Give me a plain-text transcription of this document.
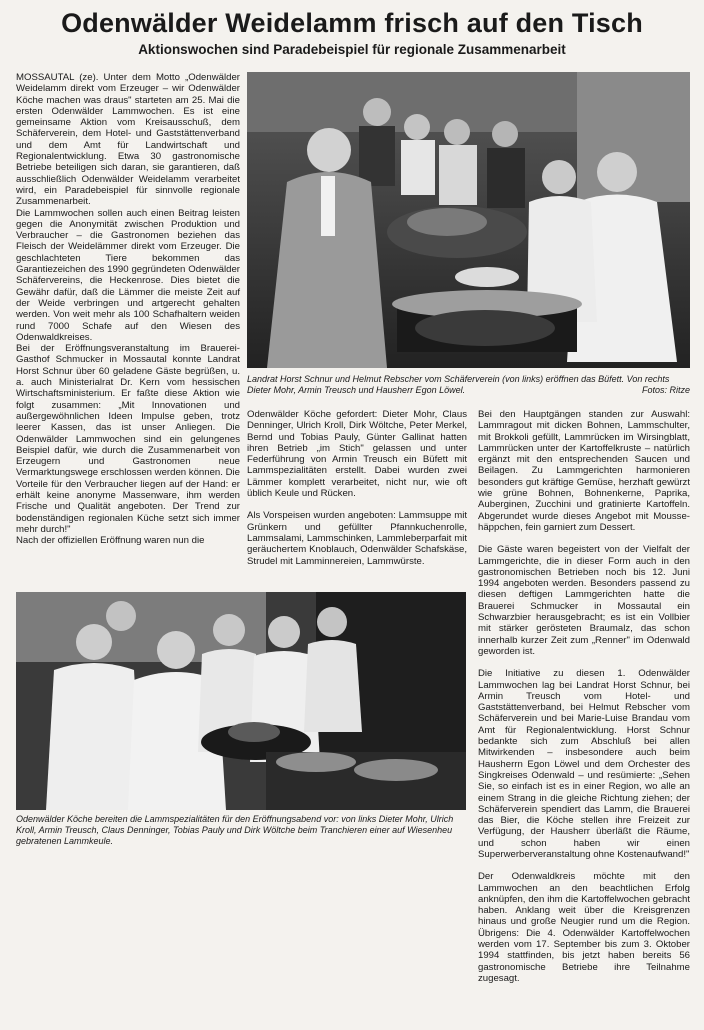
Odenwälder Weidelamm frisch auf den Tisch
Aktionswochen sind Paradebeispiel für regionale Zusammenarbeit

MOSSAUTAL (ze). Unter dem Motto „Odenwälder Weidelamm direkt vom Erzeuger – wir Odenwälder Köche machen was draus" starteten am 25. Mai die ersten Odenwälder Lammwochen. Es ist eine gemeinsame Aktion vom Kreisausschuß, dem Schäferverein, dem Hotel- und Gaststättenverband und dem Amt für Landwirtschaft und Regionalentwicklung. Etwa 30 gastronomische Betriebe beteiligen sich daran, sie garantieren, daß ausschließlich Odenwälder Weidelamm verarbeitet wird, ein Paradebeispiel für sinnvolle regionale Zusammenarbeit.

Die Lammwochen sollen auch einen Beitrag leisten gegen die Anonymität zwischen Produktion und Verbraucher – die Gastronomen beziehen das Fleisch der Weidelämmer direkt vom Erzeuger. Die geschlachteten Tiere bekommen das Garantiezeichen des 1990 gegründeten Odenwälder Schäfervereins, die Heckenrose. Dies bietet die Gewähr dafür, daß die Lämmer die meiste Zeit auf der Weide verbringen und artgerecht gehalten werden. Von weit mehr als 100 Schafhaltern weiden rund 7000 Schafe auf den Wiesen des Odenwaldkreises.

Bei der Eröffnungsveranstaltung im Brauerei-Gasthof Schmucker in Mossautal konnte Landrat Horst Schnur über 60 geladene Gäste begrüßen, u. a. auch Ministerialrat Dr. Kern vom hessischen Wirtschaftsministerium. Er faßte diese Aktion wie folgt zusammen: „Mit Innovationen und außergewöhnlichen Ideen Impulse geben, trotz leerer Kassen, das ist unser Anliegen. Die Odenwälder Lammwochen sind ein gelungenes Beispiel dafür, wie durch die Zusammenarbeit von Erzeugern und Gastronomen neue Vermarktungswege erschlossen werden können. Die Vorteile für den Verbraucher liegen auf der Hand: er erhält keine anonyme Massenware, ihm werden Frische und Qualität angeboten. Der Trend zur bodenständigen regionalen Küche setzt sich immer mehr durch!"

Nach der offiziellen Eröffnung waren nun die

Landrat Horst Schnur und Helmut Rebscher vom Schäferverein (von links) eröffnen das Büfett. Von rechts Dieter Mohr, Armin Treusch und Hausherr Egon Löwel.	Fotos: Ritze

Odenwälder Köche gefordert: Dieter Mohr, Claus Denninger, Ulrich Kroll, Dirk Wöltche, Peter Merkel, Bernd und Tobias Pauly, Günter Gallinat hatten ihren Betrieb „im Stich" gelassen und unter Federführung von Armin Treusch ein Büfett mit Lammspezialitäten erstellt. Dabei wurden zwei Lämmer komplett verarbeitet, nicht nur, wie oft üblich Keule und Rücken.

Als Vorspeisen wurden angeboten: Lammsuppe mit Grünkern und gefüllter Pfannkuchenrolle, Lammsalami, Lammschinken, Lammleberparfait mit geräuchertem Knoblauch, Odenwälder Schafskäse, Strudel mit Lamminnereien, Lammwürste.

Bei den Hauptgängen standen zur Auswahl: Lammragout mit dicken Bohnen, Lammschulter, mit Brokkoli gefüllt, Lammrücken im Wirsingblatt, Lammrücken unter der Kartoffelkruste – natürlich ergänzt mit den entsprechenden Saucen und Beilagen. Zu Lammgerichten harmonieren besonders gut kräftige Gemüse, herzhaft gewürzt wie grüne Bohnen, Bohnenkerne, Paprika, Auberginen, Zucchini und gratinierte Kartoffeln. Abgerundet wurde dieses Angebot mit Moussehäppchen, fein garniert zum Dessert.

Die Gäste waren begeistert von der Vielfalt der Lammgerichte, die in dieser Form auch in den gastronomischen Betrieben noch bis 12. Juni 1994 angeboten werden. Besonders passend zu diesen deftigen Lammgerichten hatte die Brauerei Schmucker in Mossautal ein Schwarzbier herausgebracht; es ist ein Vollbier mit stärker gerösteten Braumalz, das schon innerhalb kurzer Zeit zum „Renner" im Odenwald geworden ist.

Die Initiative zu diesen 1. Odenwälder Lammwochen lag bei Landrat Horst Schnur, bei Armin Treusch vom Hotel- und Gaststättenverband, bei Helmut Rebscher vom Schäferverein und bei Marie-Luise Brandau vom Amt für Regionalentwicklung. Horst Schnur bedankte sich zum Abschluß bei allen Mitwirkenden – insbesondere auch beim Hausherrn Egon Löwel und dem Orchester des Singkreises Odenwald – und resümierte: „Sehen Sie, so einfach ist es in einer Region, wo alle an einem Strang in die gleiche Richtung ziehen; der Schäferverein spendiert das Lamm, die Brauerei das Bier, die Köche stellen ihre Freizeit zur Verfügung, der Hausherr überläßt die Räume, und schon haben wir einen Superwerberveranstaltung ohne Kostenaufwand!"

Der Odenwaldkreis möchte mit den Lammwochen an den beachtlichen Erfolg anknüpfen, den ihm die Kartoffelwochen gebracht haben. Anklang weit über die Kreisgrenzen hinaus und große Neugier rund um die Region. Übrigens: Die 4. Odenwälder Kartoffelwochen werden vom 17. September bis zum 3. Oktober 1994 stattfinden, bis jetzt haben bereits 56 gastronomische Betriebe ihre Teilnahme zugesagt.

Odenwälder Köche bereiten die Lammspezialitäten für den Eröffnungsabend vor: von links Dieter Mohr, Ulrich Kroll, Armin Treusch, Claus Denninger, Tobias Pauly und Dirk Wöltche beim Tranchieren einer auf Wiesenheu gebratenen Lammkeule.
